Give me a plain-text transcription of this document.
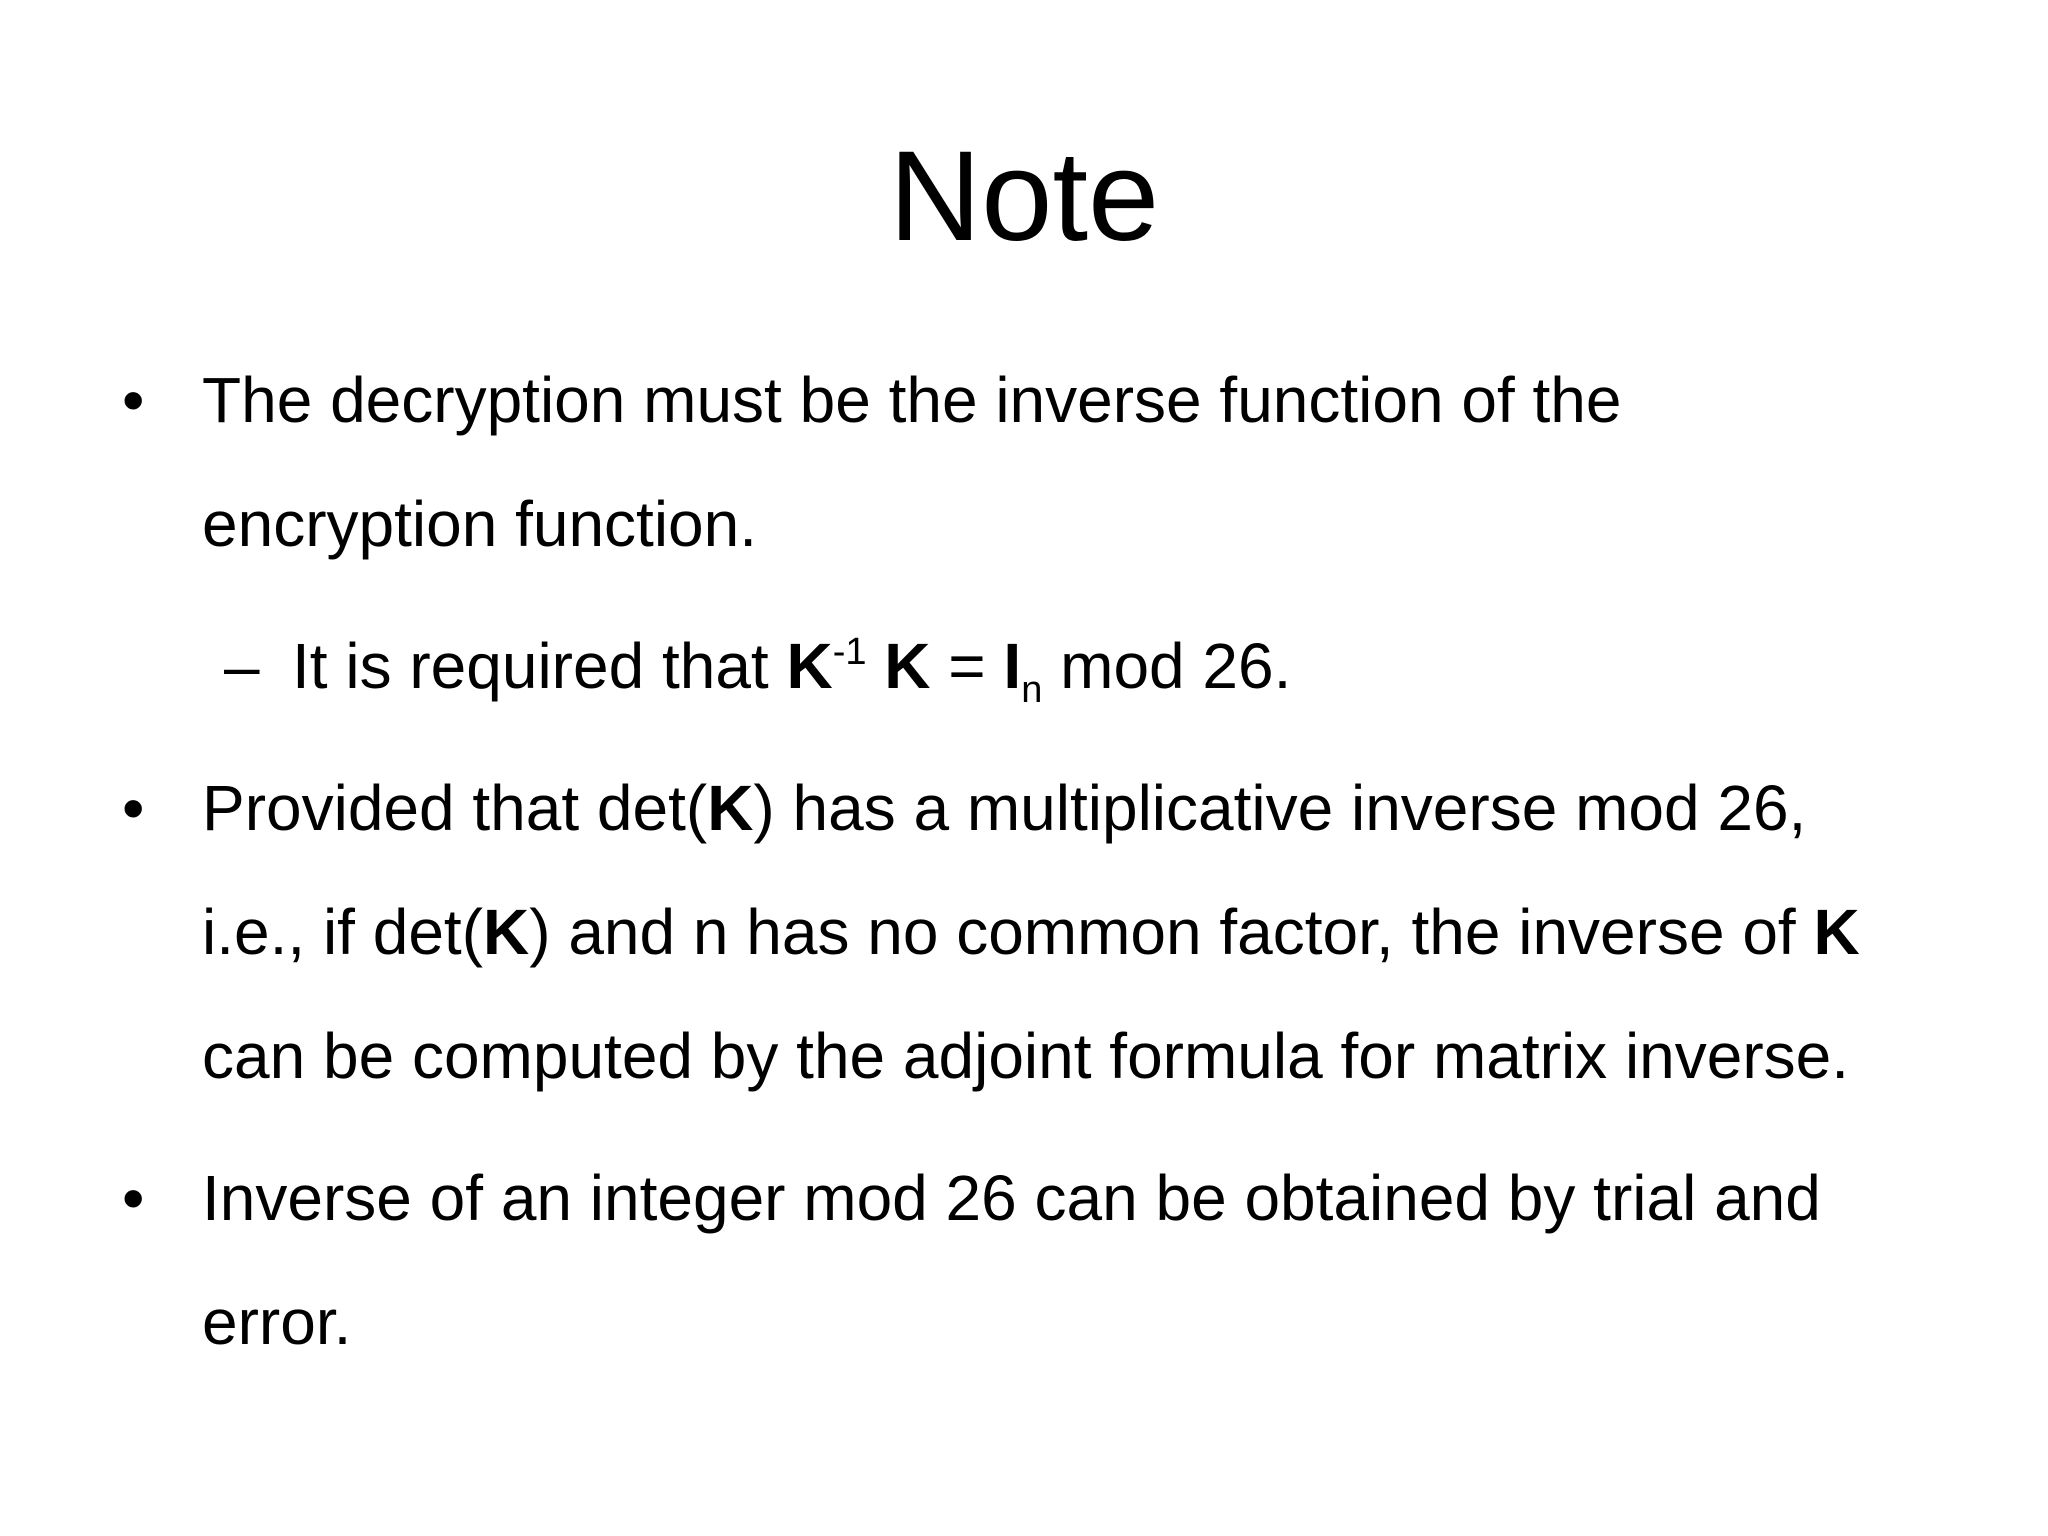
Note
• The decryption must be the inverse function of the
encryption function.
– It is required that $K^{-1}$ $K = I_n$ mod 26.
• Provided that det(K) has a multiplicative inverse mod 26,
i.e., if det(K) and n has no common factor, the inverse of K
can be computed by the adjoint formula for matrix inverse.
• Inverse of an integer mod 26 can be obtained by trial and
error.
